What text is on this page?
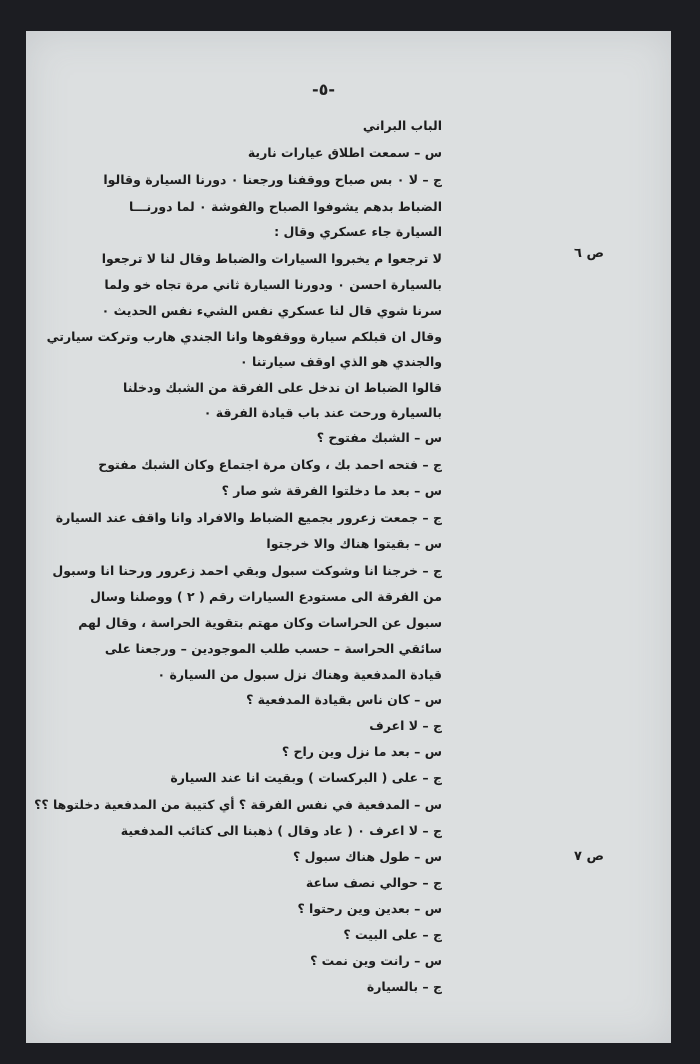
-٥-
ص ٦
ص ٧
الباب البراني
س – سمعت اطلاق عيارات نارية
ج – لا ٠ بس صباح ووقفنا ورجعنا ٠ دورنا السيارة وقالوا
الضباط بدهم يشوفوا الصباح والفوشة ٠ لما دورنـــا
السيارة جاء عسكري وقال :
لا ترجعوا م يخبروا السيارات والضباط وقال لنا لا ترجعوا
بالسيارة احسن ٠ ودورنا السيارة ثاني مرة تجاه خو ولما
سرنا شوي قال لنا عسكري نفس الشيء نفس الحديث ٠
وقال ان قبلكم سيارة ووقفوها وانا الجندي هارب وتركت سيارتي
والجندي هو الذي اوقف سيارتنا ٠
قالوا الضباط ان ندخل على الفرقة من الشبك ودخلنا
بالسيارة ورحت عند باب قيادة الفرقة ٠
س – الشبك مفتوح ؟
ج – فتحه احمد بك ، وكان مرة اجتماع وكان الشبك مفتوح
س – بعد ما دخلتوا الفرقة شو صار ؟
ج – جمعت زعرور بجميع الضباط والافراد وانا واقف عند السيارة
س – بقيتوا هناك والا خرجتوا
ج – خرجنا انا وشوكت سبول وبقي احمد زعرور ورحنا انا وسبول
من الفرقة الى مستودع السيارات رقم ( ٢ ) ووصلنا وسال
سبول عن الحراسات وكان مهتم بتقوية الحراسة ، وقال لهم
سائقي الحراسة – حسب طلب الموجودين – ورجعنا على
قيادة المدفعية وهناك نزل سبول من السيارة ٠
س – كان ناس بقيادة المدفعية ؟
ج – لا اعرف
س – بعد ما نزل وين راح ؟
ج – على ( البركسات ) وبقيت انا عند السيارة
س – المدفعية في نفس الفرقة ؟ أي كتيبة من المدفعية دخلتوها ؟؟
ج – لا اعرف ٠ ( عاد وقال ) ذهبنا الى كتائب المدفعية
س – طول هناك سبول ؟
ج – حوالي نصف ساعة
س – بعدين وين رحتوا ؟
ج – على البيت ؟
س – رانت وين نمت ؟
ج – بالسيارة
